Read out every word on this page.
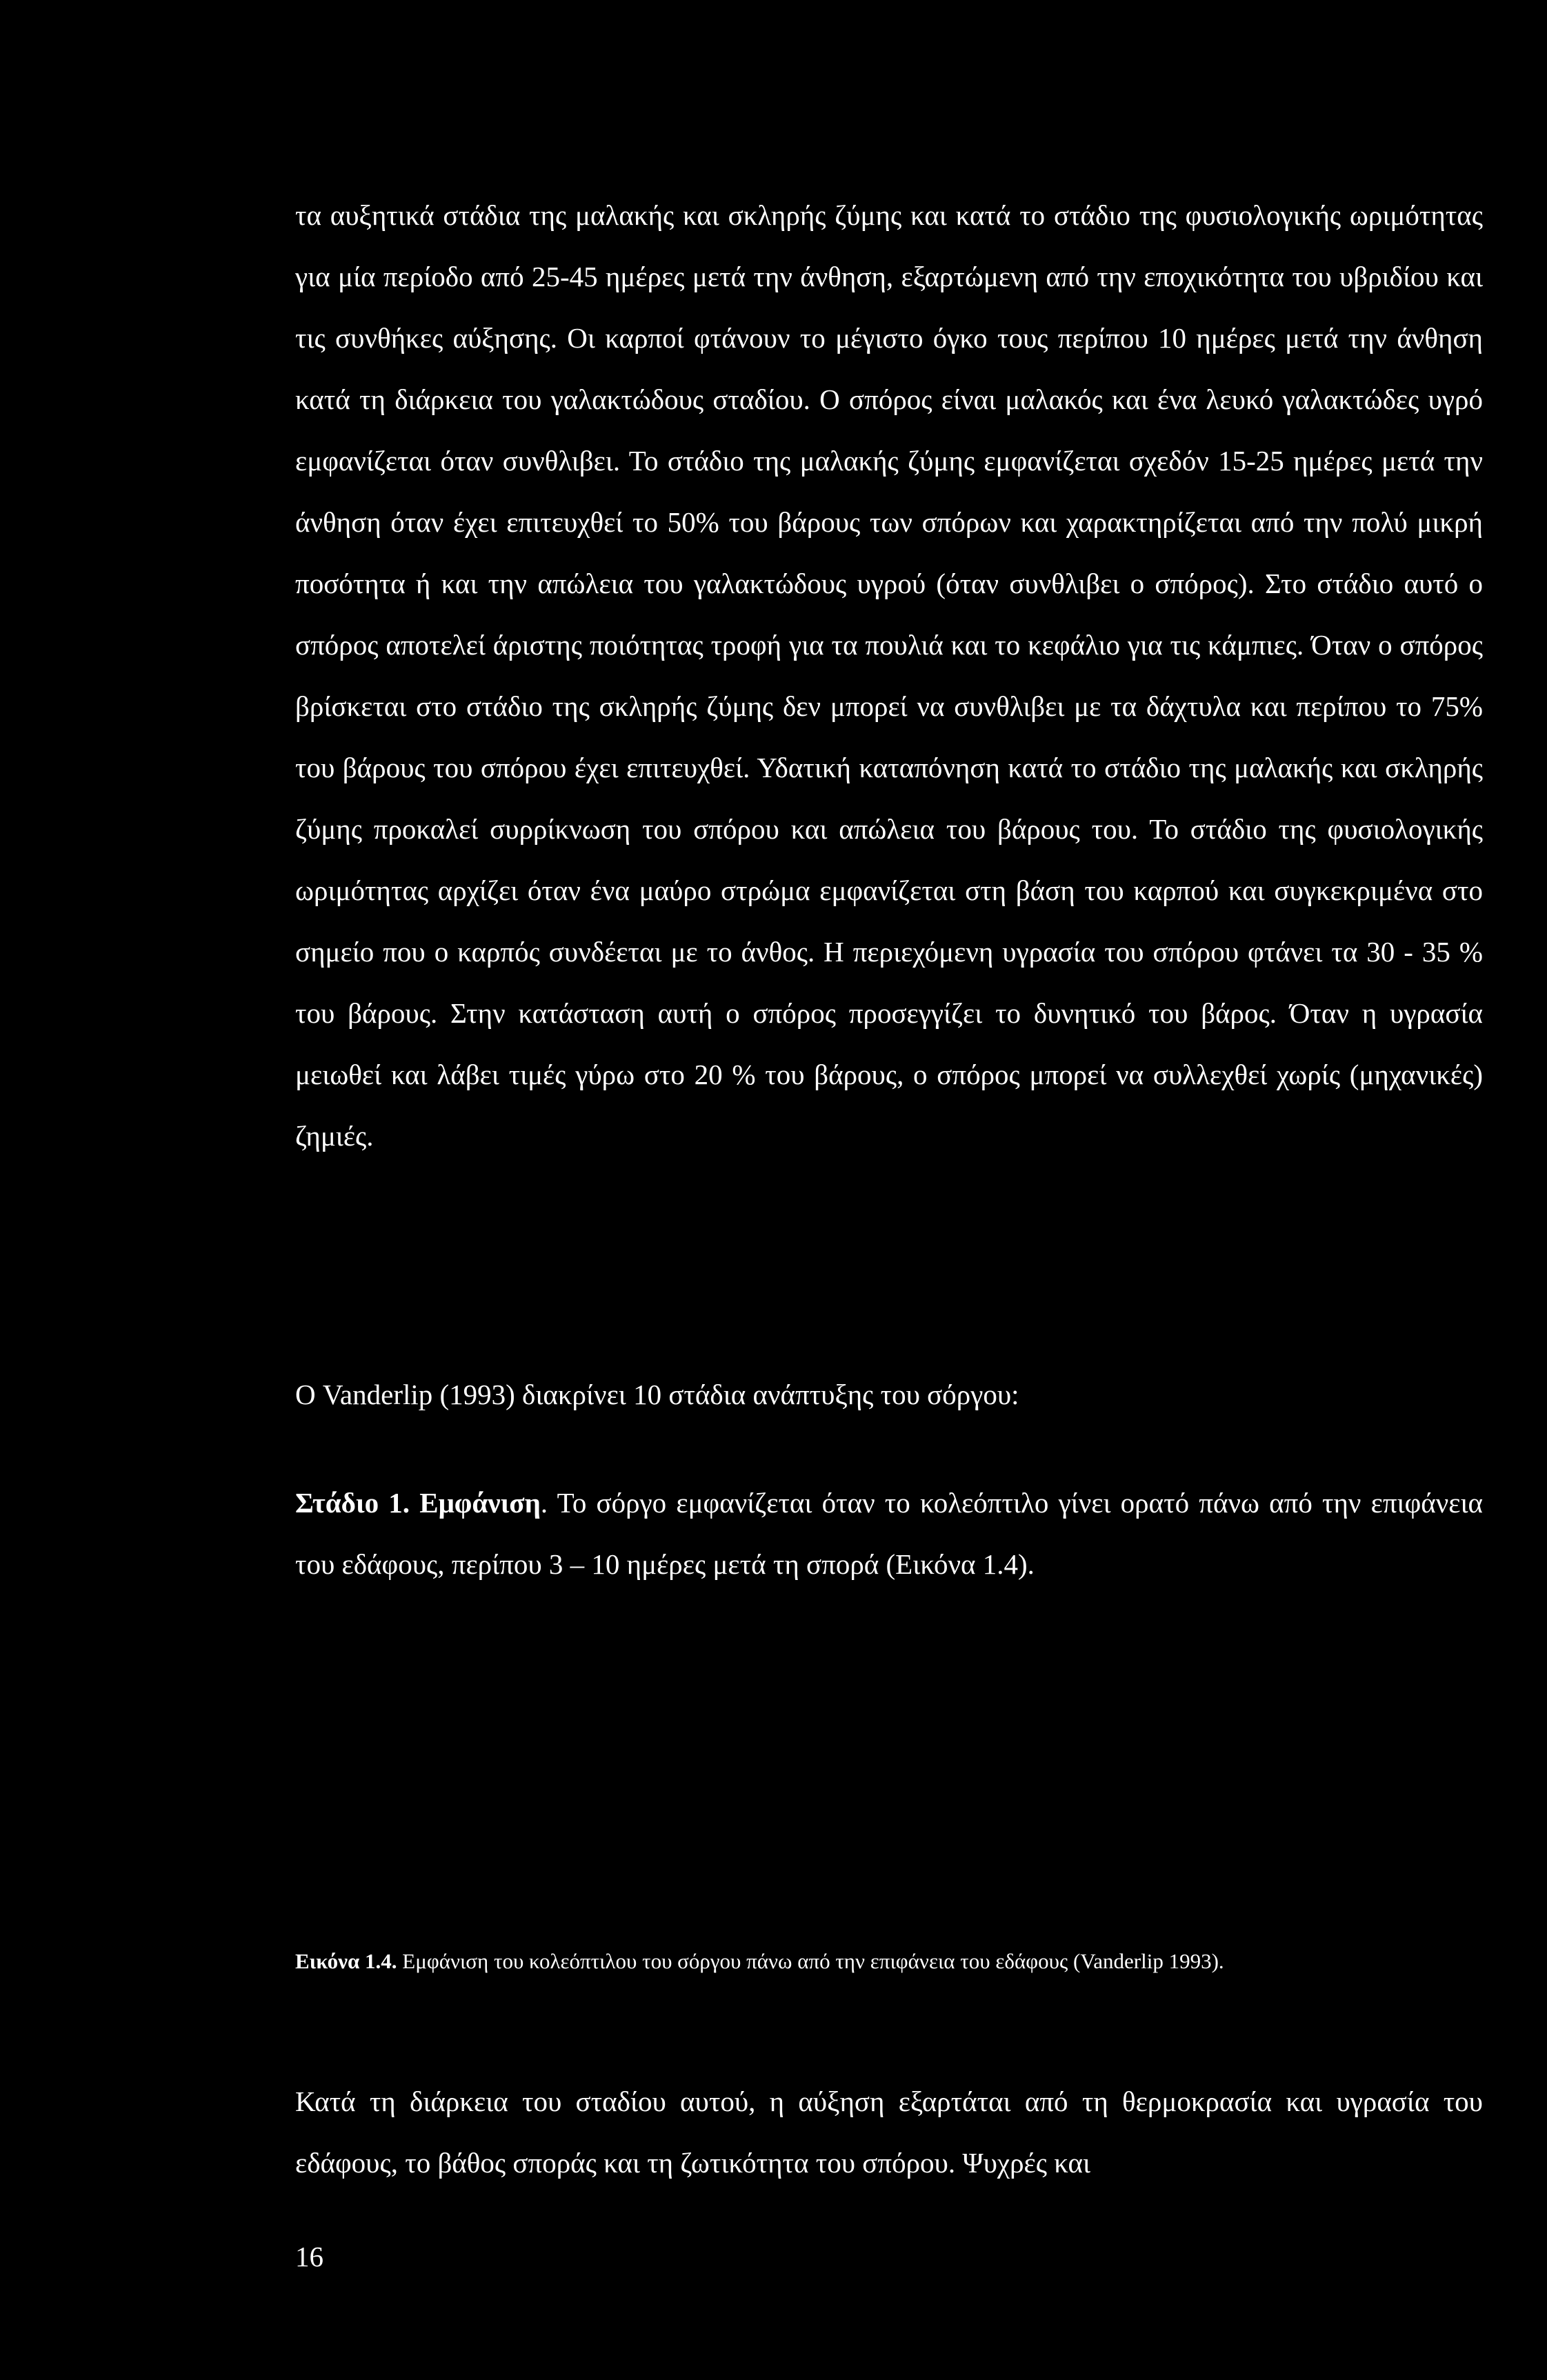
τα αυξητικά στάδια της μαλακής και σκληρής ζύμης και κατά το στάδιο της φυσιολογικής ωριμότητας για μία περίοδο από 25-45 ημέρες μετά την άνθηση, εξαρτώμενη από την εποχικότητα του υβριδίου και τις συνθήκες αύξησης. Οι καρποί φτάνουν το μέγιστο όγκο τους περίπου 10 ημέρες μετά την άνθηση κατά τη διάρκεια του γαλακτώδους σταδίου. Ο σπόρος είναι μαλακός και ένα λευκό γαλακτώδες υγρό εμφανίζεται όταν συνθλιβει. Το στάδιο της μαλακής ζύμης εμφανίζεται σχεδόν 15-25 ημέρες μετά την άνθηση όταν έχει επιτευχθεί το 50% του βάρους των σπόρων και χαρακτηρίζεται από την πολύ μικρή ποσότητα ή και την απώλεια του γαλακτώδους υγρού (όταν συνθλιβει ο σπόρος). Στο στάδιο αυτό ο σπόρος αποτελεί άριστης ποιότητας τροφή για τα πουλιά και το κεφάλιο για τις κάμπιες. Όταν ο σπόρος βρίσκεται στο στάδιο της σκληρής ζύμης δεν μπορεί να συνθλιβει με τα δάχτυλα και περίπου το 75% του βάρους του σπόρου έχει επιτευχθεί. Υδατική καταπόνηση κατά το στάδιο της μαλακής και σκληρής ζύμης προκαλεί συρρίκνωση του σπόρου και απώλεια του βάρους του. Το στάδιο της φυσιολογικής ωριμότητας αρχίζει όταν ένα μαύρο στρώμα εμφανίζεται στη βάση του καρπού και συγκεκριμένα στο σημείο που ο καρπός συνδέεται με το άνθος. Η περιεχόμενη υγρασία του σπόρου φτάνει τα 30 - 35 % του βάρους. Στην κατάσταση αυτή ο σπόρος προσεγγίζει το δυνητικό του βάρος. Όταν η υγρασία μειωθεί και λάβει τιμές γύρω στο 20 % του βάρους, ο σπόρος μπορεί να συλλεχθεί χωρίς (μηχανικές) ζημιές.

Ο Vanderlip (1993) διακρίνει 10 στάδια ανάπτυξης του σόργου:

Στάδιο 1. Εμφάνιση. Το σόργο εμφανίζεται όταν το κολεόπτιλο γίνει ορατό πάνω από την επιφάνεια του εδάφους, περίπου 3 – 10 ημέρες μετά τη σπορά (Εικόνα 1.4).

Εικόνα 1.4. Εμφάνιση του κολεόπτιλου του σόργου πάνω από την επιφάνεια του εδάφους (Vanderlip 1993).

Κατά τη διάρκεια του σταδίου αυτού, η αύξηση εξαρτάται από τη θερμοκρασία και υγρασία του εδάφους, το βάθος σποράς και τη ζωτικότητα του σπόρου. Ψυχρές και

16
